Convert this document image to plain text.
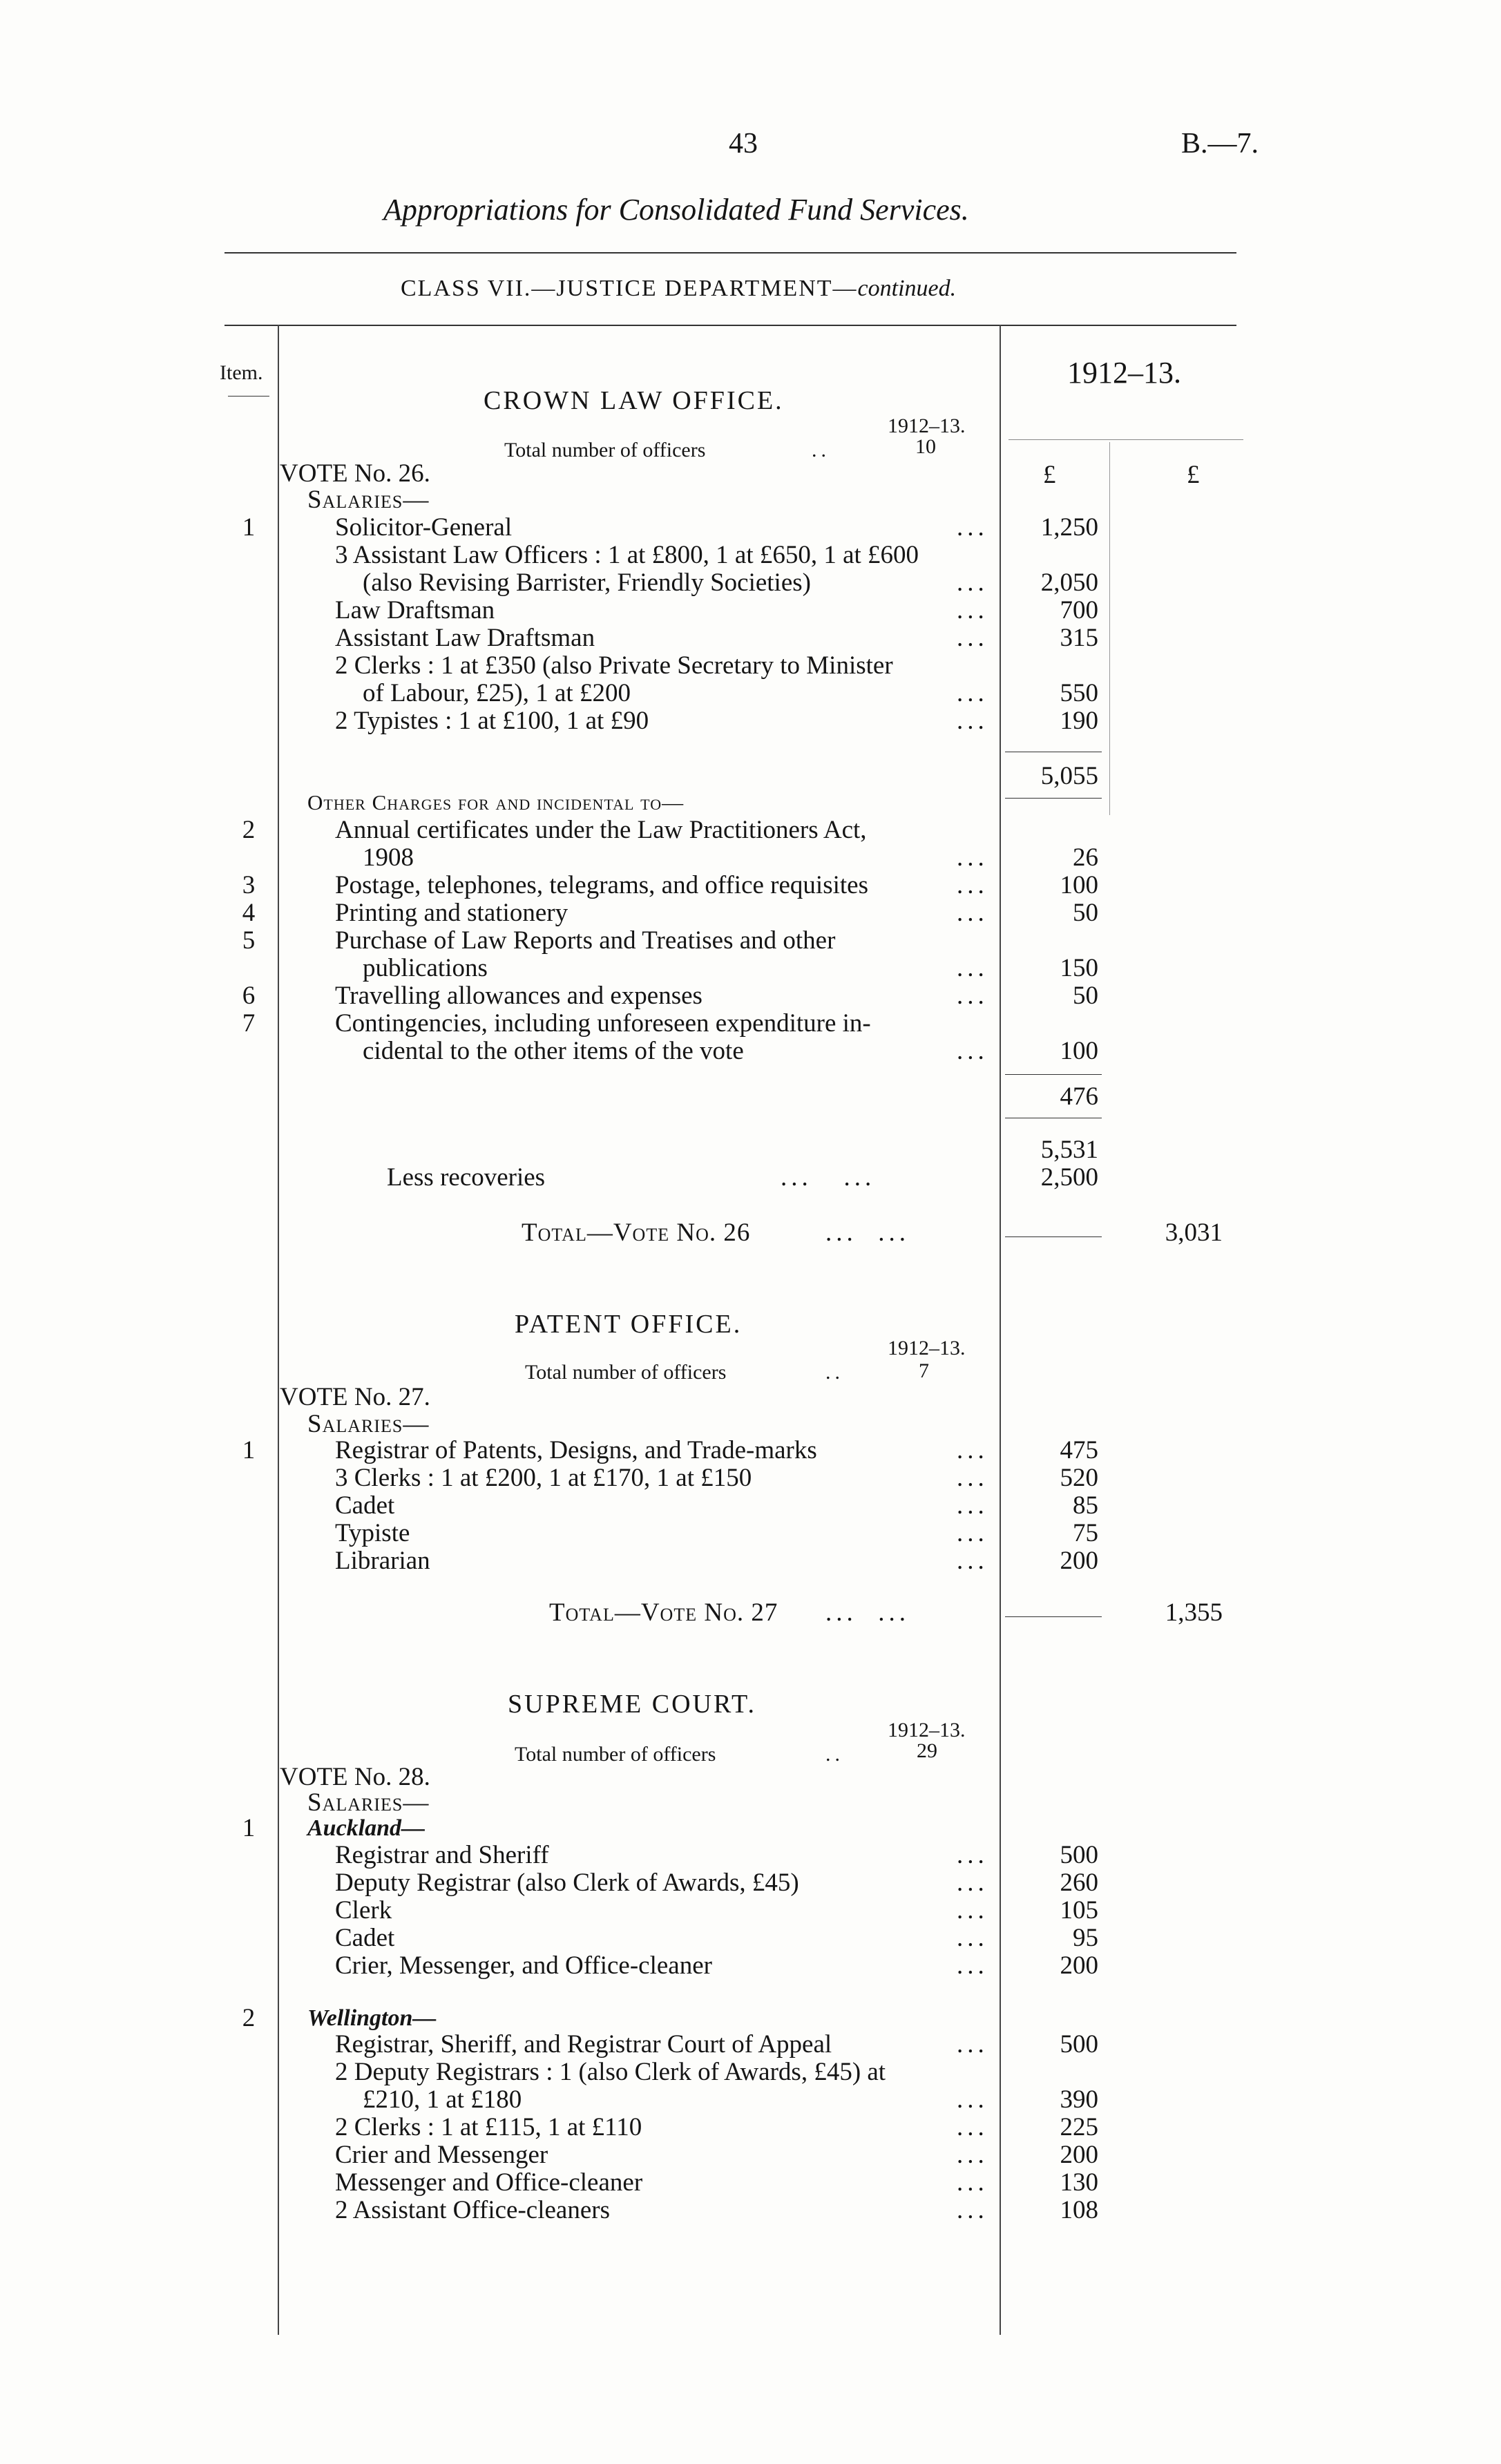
43	B.—7.
Appropriations for Consolidated Fund Services.
CLASS VII.—JUSTICE DEPARTMENT—continued.
Item.	1912–13.
£	£
CROWN LAW OFFICE.
1912–13.
Total number of officers	..	10
VOTE No. 26.
Salaries—
1	Solicitor-General	...	1,250
3 Assistant Law Officers : 1 at £800, 1 at £650, 1 at £600
(also Revising Barrister, Friendly Societies)	...	2,050
Law Draftsman	...	700
Assistant Law Draftsman	...	315
2 Clerks : 1 at £350 (also Private Secretary to Minister
of Labour, £25), 1 at £200	...	550
2 Typistes : 1 at £100, 1 at £90	...	190
5,055
Other Charges for and incidental to—
2	Annual certificates under the Law Practitioners Act,
1908	...	26
3	Postage, telephones, telegrams, and office requisites	...	100
4	Printing and stationery	...	50
5	Purchase of Law Reports and Treatises and other
publications	...	150
6	Travelling allowances and expenses	...	50
7	Contingencies, including unforeseen expenditure in-
cidental to the other items of the vote	...	100
476
5,531
Less recoveries	...   ...	2,500
Total—Vote No. 26	...  ...	3,031
PATENT OFFICE.
1912–13.
Total number of officers	..	7
VOTE No. 27.
Salaries—
1	Registrar of Patents, Designs, and Trade-marks	...	475
3 Clerks : 1 at £200, 1 at £170, 1 at £150	...	520
Cadet	...	85
Typiste	...	75
Librarian	...	200
Total—Vote No. 27 ...  ...	1,355
SUPREME COURT.
1912–13.
Total number of officers	..	29
VOTE No. 28.
Salaries—
1	Auckland—
Registrar and Sheriff	...	500
Deputy Registrar (also Clerk of Awards, £45)	...	260
Clerk	...	105
Cadet	...	95
Crier, Messenger, and Office-cleaner	...	200
2	Wellington—
Registrar, Sheriff, and Registrar Court of Appeal	...	500
2 Deputy Registrars : 1 (also Clerk of Awards, £45) at
£210, 1 at £180	...	390
2 Clerks : 1 at £115, 1 at £110	...	225
Crier and Messenger	...	200
Messenger and Office-cleaner	...	130
2 Assistant Office-cleaners	...	108
